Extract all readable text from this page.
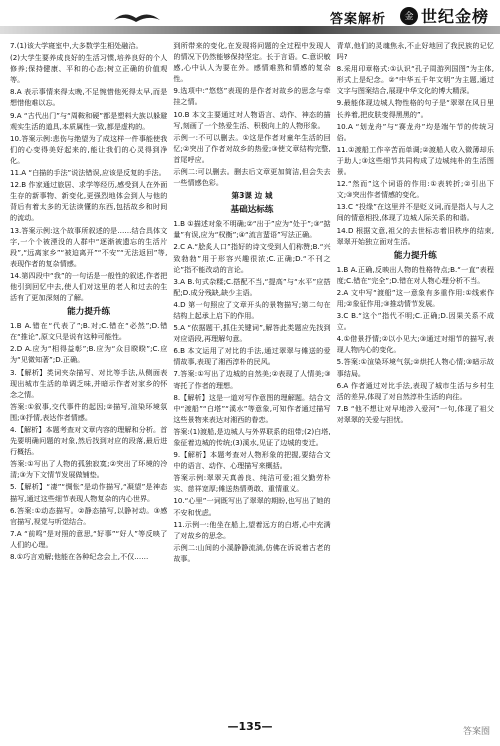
答案解析	金 世纪金榜

7.(1)该大学寝室中,大多数学生相处融洽。

(2)大学生要养成良好的生活习惯,培养良好的个人修养;保持健康、平和的心态;树立正确的价值观等。

8.A 表示事情来得太晚,不足惋惜他死得太早,而是想惜他难以忘。

9.A “古代出门”与“周鞍和硬”都是塑料大族以躲避观实生活的道具,本质属性一致,都是虚构的。

10.答案示例:悲伤与绝望为了成这样一件事能使我们的心变得美好起来的,能让我们的心灵得到净化。

11.A “白描的手法”说法错误,应该是反复的手法。

12.B 作家通过旅居、求学等经历,感受到人在外面生存的新事物、新变化,更强烈地体会到人与他的背后有着太多的无法读懂的东西,包括故乡和时间的流动。

13.答案示例:这个故事所叙述的是……结合具体文字,一个个被湮没的人群中“逐渐被遗忘的生活片段”,“远离家乡”“被迫离开”“不安”“无法返回”等,表现作者的复杂情感。

14.第四段中“我”的一句话是一般性的叙述,作者把他引到回忆中去,使人们对这里的老人和过去的生活有了更加深刻的了解。

能力提升练

1.B A.错在“代表了”;B.对;C.错在“必然”;D.错在“推论”,原文只是说有这种可能性。

2.D A.应为“相得益彰”;B.应为“众目睽睽”;C.应为“见微知著”;D.正确。

3.【解析】类词夹杂描写、对比等手法,从侧面表现出城市生活的单调乏味,并暗示作者对家乡的怀念之情。

答案:①叙事,交代事件的起因;②描写,渲染环境氛围;③抒情,表达作者情感。

4.【解析】本题考查对文章内容的理解和分析。首先要明确问题的对象,然后找到对应的段落,最后进行概括。

答案:①写出了人物的孤独寂寞;②突出了环境的冷清;③为下文情节发展做铺垫。

5.【解析】“凄”“惆怅”是动作描写,“凝望”是神态描写,通过这些细节表现人物复杂的内心世界。

6.答案:①动态描写。②静态描写,以静衬动。③感官描写,视觉与听觉结合。

7.A “前鸣”是对照的意思,“好事”“好人”等反映了人们的心理。

8.①巧言劝解;他能在各种纪念会上,不仅……

到所带来的变化,在发现将问题的全过程中发现人的情况下仍然能够保持坚定。长于言语。C.意识敏感,心中认人为要在外。感情难熬和情感的复杂性。

9.选项中:“悠悠”表现的是作者对故乡的思念与牵挂之情。

10.B 本文主要通过对人物语言、动作、神态的描写,刻画了一个热爱生活、积极向上的人物形象。

示例一:不可以删去。①这是作者对童年生活的回忆;②突出了作者对故乡的热爱;③使文章结构完整,首尾呼应。

示例二:可以删去。删去后文章更加简洁,但会失去一些情感色彩。

第3课 边 城
基础达标练

1.B ①描述对象不明确;②“出于”应为“处于”;③“掂量”有误,应为“权衡”;④“流言蜚语”写法正确。

2.C A.“脍炙人口”指好的诗文受到人们称赞;B.“兴致勃勃”用于形容兴趣很浓;C.正确;D.“不刊之论”指不能改动的言论。

3.A B.句式杂糅;C.搭配不当,“提高”与“水平”应搭配;D.成分残缺,缺少主语。

4.D 第一句照应了文章开头的景物描写;第二句在结构上起承上启下的作用。

5.A “依据题干,抓住关键词”,解答此类题应先找到对应语段,再理解句意。

6.B 本文运用了对比的手法,通过翠翠与傩送的爱情故事,表现了湘西淳朴的民风。

7.答案:①写出了边城的自然美;②表现了人情美;③寄托了作者的理想。

8.【解析】这是一道对写作意图的理解题。结合文中“渡船”“白塔”“溪水”等意象,可知作者通过描写这些景物来表达对湘西的眷恋。

答案:(1)渡船,是边城人与外界联系的纽带;(2)白塔,象征着边城的传统;(3)溪水,见证了边城的变迁。

9.【解析】本题考查对人物形象的把握,要结合文中的语言、动作、心理描写来概括。

答案示例:翠翠天真善良、纯洁可爱;祖父勤劳朴实、慈祥宽厚;傩送热情勇敢、重情重义。

10.“心里”一词既写出了翠翠的期盼,也写出了她的不安和忧虑。

11.示例一:他坐在船上,望着远方的白塔,心中充满了对故乡的思念。

示例二:山间的小溪静静流淌,仿佛在诉说着古老的故事。

青草,他们的灵魂焦永,不止好地回了我民族的记忆吗?

8.采用印章格式:①认识“孔子周游列国图”为主体,形式上是纪念。②“中华五千年文明”为主题,通过文字与图案结合,展现中华文化的博大精深。

9.最能体现边城人物性格的句子是“翠翠在风日里长养着,把皮肤变得黑黑的”。

10.A “划龙舟”与“赛龙舟”均是端午节的传统习俗。

11.①渡船工作辛苦而单调;②渡船人收入微薄却乐于助人;③这些细节共同构成了边城纯朴的生活图景。

12.“然而”这个词语的作用:①表转折;②引出下文;③突出作者情感的变化。

13.C “投缘”在这里并不是贬义词,而是指人与人之间的情意相投,体现了边城人际关系的和谐。

14.D 根据文意,祖父的去世标志着旧秩序的结束,翠翠开始独立面对生活。

能力提升练

1.B A.正确,反映出人物的性格特点;B.“一直”表程度;C.错在“完全”;D.错在对人物心理分析不当。

2.A 文中写“渡船”这一意象有多重作用:①线索作用;②象征作用;③推动情节发展。

3.C B.“这个”指代不明;C.正确;D.因果关系不成立。

4.①借景抒情;②以小见大;③通过对细节的描写,表现人物内心的变化。

5.答案:①渲染环境气氛;②烘托人物心情;③暗示故事结局。

6.A 作者通过对比手法,表现了城市生活与乡村生活的差异,体现了对自然淳朴生活的向往。

7.B “他不想让对早地涉入爱河”一句,体现了祖父对翠翠的关爱与担忧。

—135—	答案圈
